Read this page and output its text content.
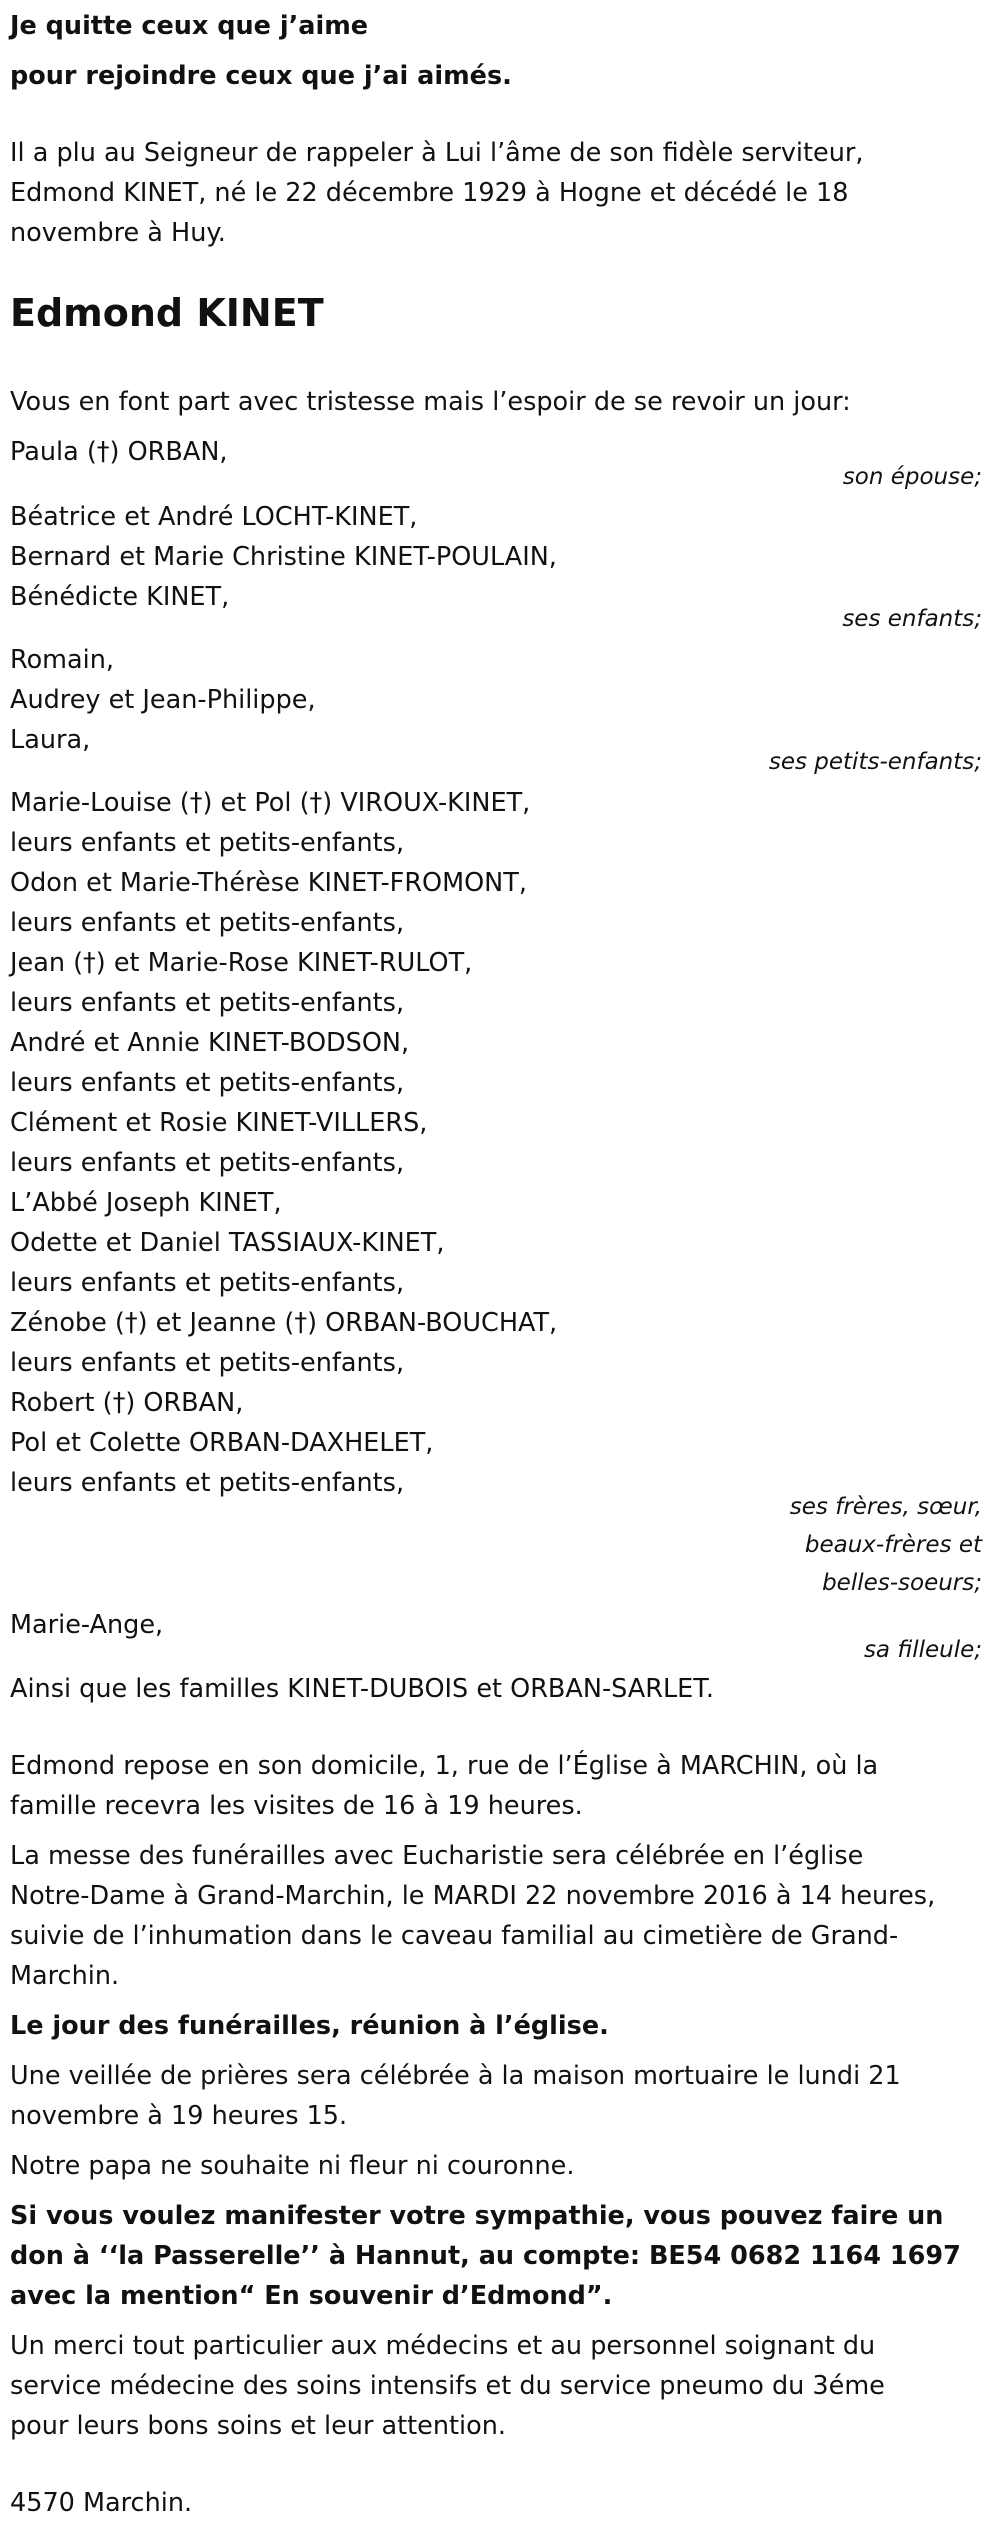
Je quitte ceux que j’aime

pour rejoindre ceux que j’ai aimés.

Il a plu au Seigneur de rappeler à Lui l’âme de son fidèle serviteur, Edmond KINET, né le 22 décembre 1929 à Hogne et décédé le 18 novembre à Huy.

Edmond KINET

Vous en font part avec tristesse mais l’espoir de se revoir un jour:

Paula (†) ORBAN,

son épouse;

Béatrice et André LOCHT-KINET,

Bernard et Marie Christine KINET-POULAIN,

Bénédicte KINET,

ses enfants;

Romain,

Audrey et Jean-Philippe,

Laura,

ses petits-enfants;

Marie-Louise (†) et Pol (†) VIROUX-KINET,

leurs enfants et petits-enfants,

Odon et Marie-Thérèse KINET-FROMONT,

leurs enfants et petits-enfants,

Jean (†) et Marie-Rose KINET-RULOT,

leurs enfants et petits-enfants,

André et Annie KINET-BODSON,

leurs enfants et petits-enfants,

Clément et Rosie KINET-VILLERS,

leurs enfants et petits-enfants,

L’Abbé Joseph KINET,

Odette et Daniel TASSIAUX-KINET,

leurs enfants et petits-enfants,

Zénobe (†) et Jeanne (†) ORBAN-BOUCHAT,

leurs enfants et petits-enfants,

Robert (†) ORBAN,

Pol et Colette ORBAN-DAXHELET,

leurs enfants et petits-enfants,

ses frères, sœur,

beaux-frères et

belles-soeurs;

Marie-Ange,

sa filleule;

Ainsi que les familles KINET-DUBOIS et ORBAN-SARLET.

Edmond repose en son domicile, 1, rue de l’Église à MARCHIN, où la famille recevra les visites de 16 à 19 heures.

La messe des funérailles avec Eucharistie sera célébrée en l’église Notre-Dame à Grand-Marchin, le MARDI 22 novembre 2016 à 14 heures, suivie de l’inhumation dans le caveau familial au cimetière de Grand-Marchin.

Le jour des funérailles, réunion à l’église.

Une veillée de prières sera célébrée à la maison mortuaire le lundi 21 novembre à 19 heures 15.

Notre papa ne souhaite ni fleur ni couronne.

Si vous voulez manifester votre sympathie, vous pouvez faire un don à ‘‘la Passerelle’’ à Hannut, au compte: BE54 0682 1164 1697 avec la mention“ En souvenir d’Edmond”.

Un merci tout particulier aux médecins et au personnel soignant du service médecine des soins intensifs et du service pneumo du 3éme pour leurs bons soins et leur attention.

4570 Marchin.
